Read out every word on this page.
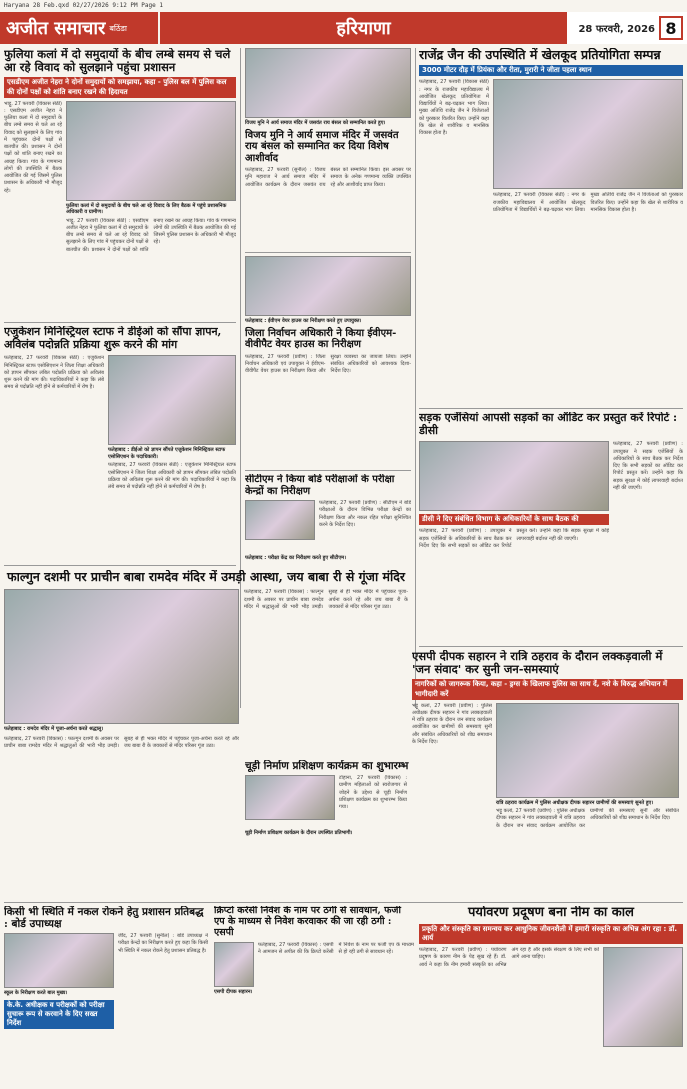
Haryana 28 Feb.qxd 02/27/2026 9:12 PM Page 1
अजीत समाचार बठिंडा	हरियाणा	28 फरवरी, 2026 8
फुलिया कलां में दो समुदायों के बीच लम्बे समय से चले आ रहे विवाद को सुलझाने पहुंचा प्रशासन
एसडीएम अजीत नेहरा ने दोनों समुदायों को समझाया, कहा - पुलिस बल में पुलिस कल की दोनों पक्षों को शांति बनाए रखने की हिदायत
भाट्टू, 27 फरवरी (विकास सेठी) : एसडीएम अजीत नेहरा ने फुलिया कलां में दो समुदायों के बीच लम्बे समय से चले आ रहे विवाद को सुलझाने के लिए गांव में पहुंचकर दोनों पक्षों से बातचीत की। प्रशासन ने दोनों पक्षों को शांति बनाए रखने का आग्रह किया। गांव के गणमान्य लोगों की उपस्थिति में बैठक आयोजित की गई जिसमें पुलिस प्रशासन के अधिकारी भी मौजूद रहे।
फुलिया कलां में दो समुदायों के बीच चले आ रहे विवाद के लिए बैठक में पहुंचे प्रशासनिक अधिकारी व ग्रामीण।
भाट्टू, 27 फरवरी (विकास सेठी) : एसडीएम अजीत नेहरा ने फुलिया कलां में दो समुदायों के बीच लम्बे समय से चले आ रहे विवाद को सुलझाने के लिए गांव में पहुंचकर दोनों पक्षों से बातचीत की। प्रशासन ने दोनों पक्षों को शांति बनाए रखने का आग्रह किया। गांव के गणमान्य लोगों की उपस्थिति में बैठक आयोजित की गई जिसमें पुलिस प्रशासन के अधिकारी भी मौजूद रहे।
एजुकेशन मिनिस्ट्रियल स्टाफ ने डीईओ को सौंपा ज्ञापन, अविलंब पदोन्नति प्रक्रिया शुरू करने की मांग
फतेहाबाद, 27 फरवरी (विकास सेठी) : एजुकेशन मिनिस्ट्रियल स्टाफ एसोसिएशन ने जिला शिक्षा अधिकारी को ज्ञापन सौंपकर लंबित पदोन्नति प्रक्रिया को अविलंब शुरू करने की मांग की। पदाधिकारियों ने कहा कि लंबे समय से पदोन्नति नहीं होने से कर्मचारियों में रोष है।
फतेहाबाद : डीईओ को ज्ञापन सौंपते एजुकेशन मिनिस्ट्रियल स्टाफ एसोसिएशन के पदाधिकारी।
फतेहाबाद, 27 फरवरी (विकास सेठी) : एजुकेशन मिनिस्ट्रियल स्टाफ एसोसिएशन ने जिला शिक्षा अधिकारी को ज्ञापन सौंपकर लंबित पदोन्नति प्रक्रिया को अविलंब शुरू करने की मांग की। पदाधिकारियों ने कहा कि लंबे समय से पदोन्नति नहीं होने से कर्मचारियों में रोष है।
फाल्गुन दशमी पर प्राचीन बाबा रामदेव मंदिर में उमड़ी आस्था, जय बाबा री से गूंजा मंदिर
फतेहाबाद : रामदेव मंदिर में पूजा-अर्चना करते श्रद्धालु।
फतेहाबाद, 27 फरवरी (विकास) : फाल्गुन दशमी के अवसर पर प्राचीन बाबा रामदेव मंदिर में श्रद्धालुओं की भारी भीड़ उमड़ी। सुबह से ही भक्त मंदिर में पहुंचकर पूजा-अर्चना करते रहे और जय बाबा री के जयकारों से मंदिर परिसर गूंज उठा।
फतेहाबाद, 27 फरवरी (विकास) : फाल्गुन दशमी के अवसर पर प्राचीन बाबा रामदेव मंदिर में श्रद्धालुओं की भारी भीड़ उमड़ी। सुबह से ही भक्त मंदिर में पहुंचकर पूजा-अर्चना करते रहे और जय बाबा री के जयकारों से मंदिर परिसर गूंज उठा।
राजेंद्र जैन की उपस्थिति में खेलकूद प्रतियोगिता सम्पन्न
3000 मीटर दौड़ में प्रियंका और रीता, मुरारी ने जीता पहला स्थान
फतेहाबाद, 27 फरवरी (विकास सेठी) : नगर के राजकीय महाविद्यालय में आयोजित खेलकूद प्रतियोगिता में विद्यार्थियों ने बढ़-चढ़कर भाग लिया। मुख्य अतिथि राजेंद्र जैन ने विजेताओं को पुरस्कार वितरित किए। उन्होंने कहा कि खेल से शारीरिक व मानसिक विकास होता है।
फतेहाबाद, 27 फरवरी (विकास सेठी) : नगर के राजकीय महाविद्यालय में आयोजित खेलकूद प्रतियोगिता में विद्यार्थियों ने बढ़-चढ़कर भाग लिया। मुख्य अतिथि राजेंद्र जैन ने विजेताओं को पुरस्कार वितरित किए। उन्होंने कहा कि खेल से शारीरिक व मानसिक विकास होता है।
विजय मुनि ने आर्य समाज मंदिर में जसवंत राय बंसल को सम्मानित करते हुए।
विजय मुनि ने आर्य समाज मंदिर में जसवंत राय बंसल को सम्मानित कर दिया विशेष आशीर्वाद
फतेहाबाद, 27 फरवरी (सुनील) : विजय मुनि महाराज ने आर्य समाज मंदिर में आयोजित कार्यक्रम के दौरान जसवंत राय बंसल को सम्मानित किया। इस अवसर पर समाज के अनेक गणमान्य व्यक्ति उपस्थित रहे और आशीर्वाद प्राप्त किया।
फतेहाबाद : ईवीएम वेयर हाउस का निरीक्षण करते हुए उपायुक्त।
जिला निर्वाचन अधिकारी ने किया ईवीएम-वीवीपैट वेयर हाउस का निरीक्षण
फतेहाबाद, 27 फरवरी (प्रवीण) : जिला निर्वाचन अधिकारी एवं उपायुक्त ने ईवीएम-वीवीपैट वेयर हाउस का निरीक्षण किया और सुरक्षा व्यवस्था का जायजा लिया। उन्होंने संबंधित अधिकारियों को आवश्यक दिशा-निर्देश दिए।
सीटीएम ने किया बोर्ड परीक्षाओं के परीक्षा केन्द्रों का निरीक्षण
फतेहाबाद, 27 फरवरी (प्रवीण) : सीटीएम ने बोर्ड परीक्षाओं के दौरान विभिन्न परीक्षा केन्द्रों का निरीक्षण किया और नकल रहित परीक्षा सुनिश्चित करने के निर्देश दिए।
फतेहाबाद : परीक्षा केंद्र का निरीक्षण करते हुए सीटीएम।
सड़क एजेंसियां आपसी सड़कों का ऑडिट कर प्रस्तुत करें रिपोर्ट : डीसी
डीसी ने दिए संबंधित विभाग के अधिकारियों के साथ बैठक की
फतेहाबाद, 27 फरवरी (प्रवीण) : उपायुक्त ने सड़क एजेंसियों के अधिकारियों के साथ बैठक कर निर्देश दिए कि सभी सड़कों का ऑडिट कर रिपोर्ट प्रस्तुत करें। उन्होंने कहा कि सड़क सुरक्षा में कोई लापरवाही बर्दाश्त नहीं की जाएगी।
फतेहाबाद, 27 फरवरी (प्रवीण) : उपायुक्त ने सड़क एजेंसियों के अधिकारियों के साथ बैठक कर निर्देश दिए कि सभी सड़कों का ऑडिट कर रिपोर्ट प्रस्तुत करें। उन्होंने कहा कि सड़क सुरक्षा में कोई लापरवाही बर्दाश्त नहीं की जाएगी।
एसपी दीपक सहारन ने रात्रि ठहराव के दौरान लक्कड़वाली में 'जन संवाद' कर सुनी जन-समस्याएं
नागरिकों को जागरूक किया, कहा - ड्रग्स के खिलाफ पुलिस का साथ दें, नशे के विरुद्ध अभियान में भागीदारी करें
भट्टू कलां, 27 फरवरी (प्रवीण) : पुलिस अधीक्षक दीपक सहारन ने गांव लक्कड़वाली में रात्रि ठहराव के दौरान जन संवाद कार्यक्रम आयोजित कर ग्रामीणों की समस्याएं सुनीं और संबंधित अधिकारियों को शीघ्र समाधान के निर्देश दिए।
रात्रि ठहराव कार्यक्रम में पुलिस अधीक्षक दीपक सहारन ग्रामीणों की समस्याएं सुनते हुए।
भट्टू कलां, 27 फरवरी (प्रवीण) : पुलिस अधीक्षक दीपक सहारन ने गांव लक्कड़वाली में रात्रि ठहराव के दौरान जन संवाद कार्यक्रम आयोजित कर ग्रामीणों की समस्याएं सुनीं और संबंधित अधिकारियों को शीघ्र समाधान के निर्देश दिए।
चूड़ी निर्माण प्रशिक्षण कार्यक्रम का शुभारम्भ
टोहाना, 27 फरवरी (विकास) : ग्रामीण महिलाओं को स्वरोजगार से जोड़ने के उद्देश्य से चूड़ी निर्माण प्रशिक्षण कार्यक्रम का शुभारम्भ किया गया।
चूड़ी निर्माण प्रशिक्षण कार्यक्रम के दौरान उपस्थित प्रतिभागी।
किसी भी स्थिति में नकल रोकने हेतु प्रशासन प्रतिबद्ध : बोर्ड उपाध्यक्ष
स्कूल के निरीक्षण करते बाल मुख्य।
के.के. अधीक्षक व परीक्षकों को परीक्षा सुचारू रूप से करवाने के दिए सख्त निर्देश
जींद, 27 फरवरी (सुनील) : बोर्ड उपाध्यक्ष ने परीक्षा केन्द्रों का निरीक्षण करते हुए कहा कि किसी भी स्थिति में नकल रोकने हेतु प्रशासन प्रतिबद्ध है।
क्रिप्टो करेंसी निवेश के नाम पर ठगी से सावधान, फर्जी एप के माध्यम से निवेश करवाकर की जा रही ठगी : एसपी
एसपी दीपक सहारन।
फतेहाबाद, 27 फरवरी (विकास) : एसपी ने आमजन से अपील की कि क्रिप्टो करेंसी में निवेश के नाम पर फर्जी एप के माध्यम से हो रही ठगी से सावधान रहें।
पर्यावरण प्रदूषण बना नीम का काल
प्रकृति और संस्कृति का समन्वय कर आधुनिक जीवनशैली में हमारी संस्कृति का अभिन्न अंग रहा : डॉ. आर्य
फतेहाबाद, 27 फरवरी (प्रवीण) : पर्यावरण प्रदूषण के कारण नीम के पेड़ सूख रहे हैं। डॉ. आर्य ने कहा कि नीम हमारी संस्कृति का अभिन्न अंग रहा है और इसके संरक्षण के लिए सभी को आगे आना चाहिए।
